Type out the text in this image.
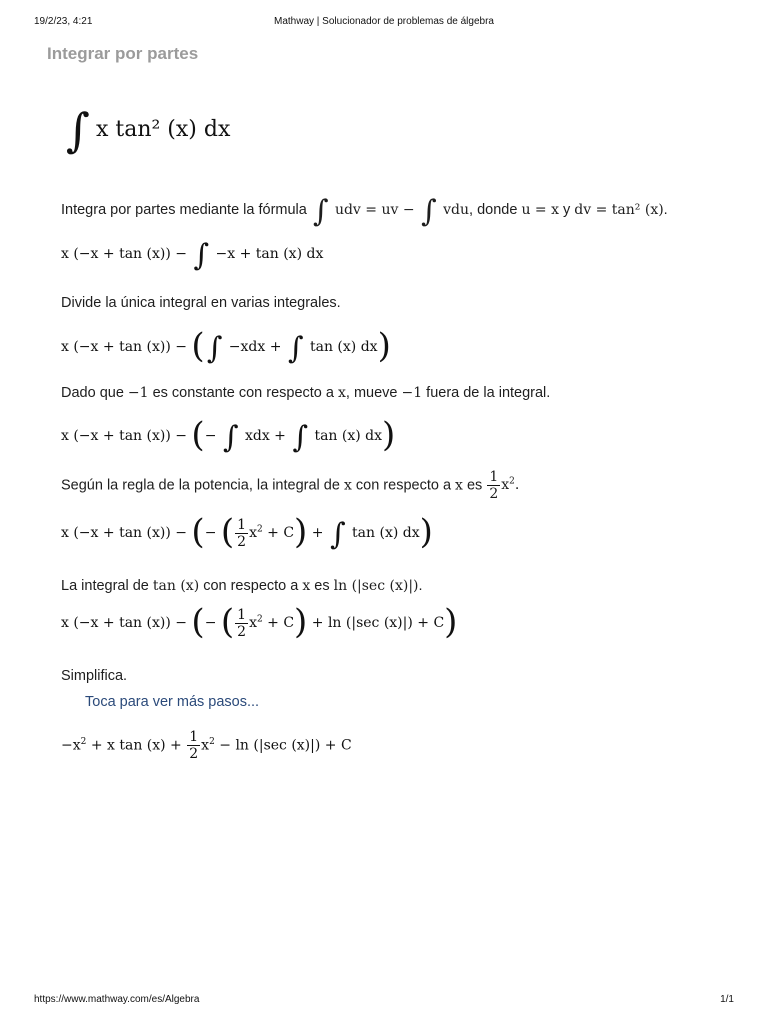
19/2/23, 4:21	Mathway | Solucionador de problemas de álgebra
Integrar por partes
∫ x tan² (x) dx
Integra por partes mediante la fórmula ∫ udv = uv − ∫ vdu, donde u = x y dv = tan² (x).
x (−x + tan (x)) − ∫ −x + tan (x) dx
Divide la única integral en varias integrales.
x (−x + tan (x)) − (∫ −xdx + ∫ tan (x) dx)
Dado que −1 es constante con respecto a x, mueve −1 fuera de la integral.
x (−x + tan (x)) − (− ∫ xdx + ∫ tan (x) dx)
Según la regla de la potencia, la integral de x con respecto a x es $\frac{1}{2} x^2$.
x (−x + tan (x)) − (− ( $\frac{1}{2} x^2 + C$) + ∫ tan (x) dx)
La integral de tan (x) con respecto a x es ln (|sec (x)|).
x (−x + tan (x)) − (− ( $\frac{1}{2} x^2 + C) + \ln (|\sec$ (x)|) + C)
Simplifica.
Toca para ver más pasos...
$-x^2 + x$ $\tan (x) + \frac{1}{2} x^2 - \ln (|\sec$ (x)|) + C
https://www.mathway.com/es/Algebra	1/1
